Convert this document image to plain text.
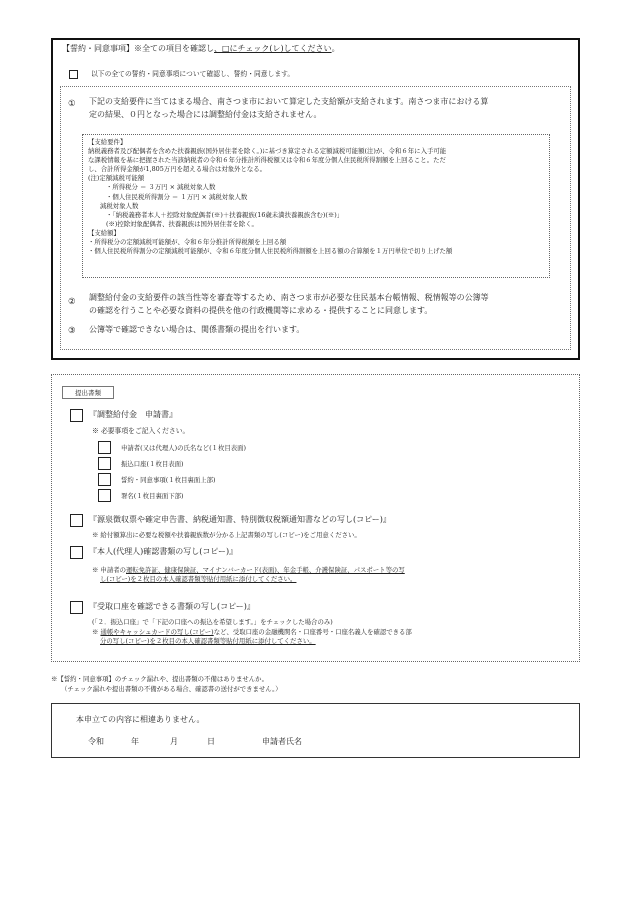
【誓約・同意事項】※全ての項目を確認し、□にチェック(レ)してください。
以下の全ての誓約・同意事項について確認し、誓約・同意します。
① 下記の支給要件に当てはまる場合、南さつま市において算定した支給額が支給されます。南さつま市における算
定の結果、０円となった場合には調整給付金は支給されません。
【支給要件】
納税義務者及び配偶者を含めた扶養親族(国外居住者を除く。)に基づき算定される定額減税可能額(注)が、令和６年に入手可能
な課税情報を基に把握された当該納税者の令和６年分推計所得税額又は令和６年度分個人住民税所得割額を上回ること。ただ
し、合計所得金額が1,805万円を超える場合は対象外となる。
(注)定額減税可能額
・所得税分 ＝ ３万円 × 減税対象人数
・個人住民税所得割分 ＝ １万円 × 減税対象人数
減税対象人数
・「納税義務者本人＋控除対象配偶者(※)＋扶養親族(16歳未満扶養親族含む)(※)」
(※)控除対象配偶者、扶養親族は国外居住者を除く。
【支給額】
・所得税分の定額減税可能額が、令和６年分推計所得税額を上回る額
・個人住民税所得割分の定額減税可能額が、令和６年度分個人住民税所得割額を上回る額の合算額を１万円単位で切り上げた額
② 調整給付金の支給要件の該当性等を審査等するため、南さつま市が必要な住民基本台帳情報、税情報等の公簿等
の確認を行うことや必要な資料の提供を他の行政機関等に求める・提供することに同意します。
③ 公簿等で確認できない場合は、関係書類の提出を行います。
提出書類
『調整給付金　申請書』
※ 必要事項をご記入ください。
申請者(又は代理人)の氏名など(１枚目表面)
振込口座(１枚目表面)
誓約・同意事項(１枚目裏面上部)
署名(１枚目裏面下部)
『源泉徴収票や確定申告書、納税通知書、特別徴収税額通知書などの写し(コピー)』
※ 給付額算出に必要な税額や扶養親族数が分かる上記書類の写し(コピー)をご用意ください。
『本人(代理人)確認書類の写し(コピー)』
※ 申請者の運転免許証、健康保険証、マイナンバーカード(表面)、年金手帳、介護保険証、パスポート等の写
し(コピー)を２枚目の本人確認書類等貼付用紙に添付してください。
『受取口座を確認できる書類の写し(コピー)』
(「２．振込口座」で「下記の口座への振込を希望します。」をチェックした場合のみ)
※ 通帳やキャッシュカードの写し(コピー)など、受取口座の金融機関名・口座番号・口座名義人を確認できる部
分の写し(コピー)を２枚目の本人確認書類等貼付用紙に添付してください。
※【誓約・同意事項】のチェック漏れや、提出書類の不備はありませんか。
（チェック漏れや提出書類の不備がある場合、確認書の送付ができません。）
本申立ての内容に相違ありません。
令和	年	月	日	申請者氏名
